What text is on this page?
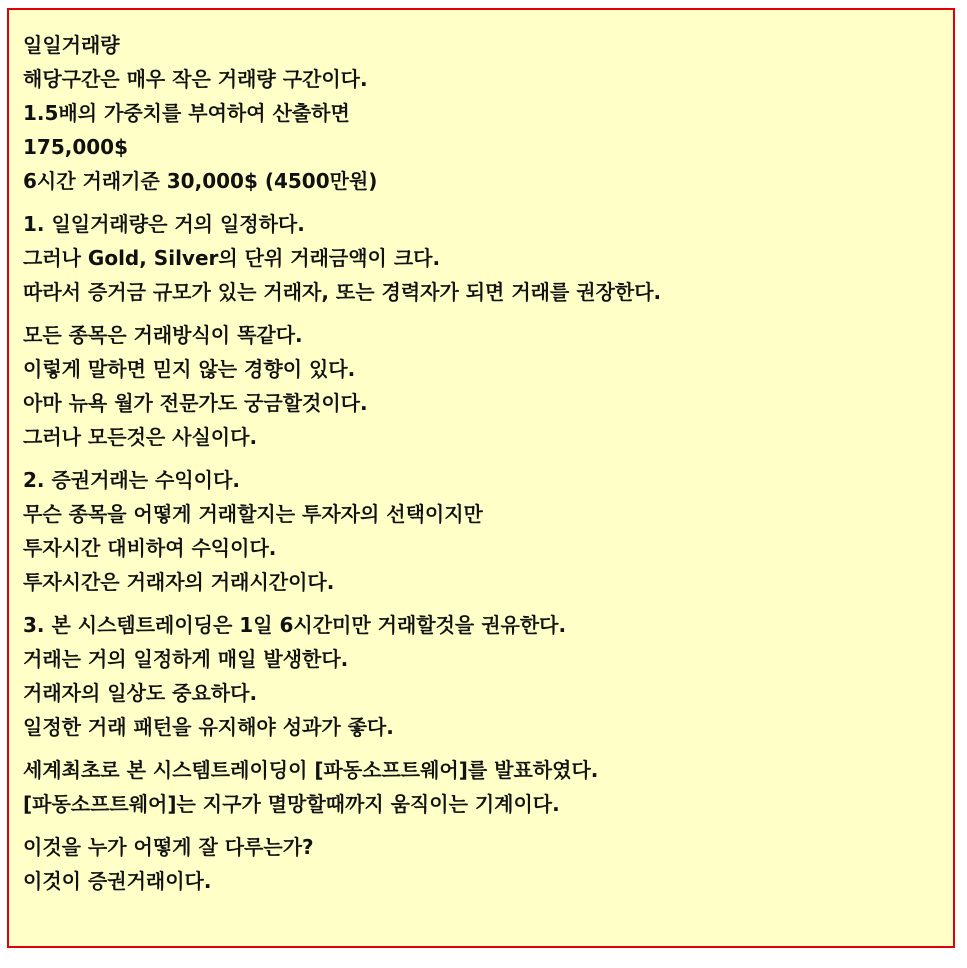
일일거래량
해당구간은 매우 작은 거래량 구간이다.
1.5배의 가중치를 부여하여 산출하면
175,000$
6시간 거래기준 30,000$ (4500만원)
1. 일일거래량은 거의 일정하다.
그러나 Gold, Silver의 단위 거래금액이 크다.
따라서 증거금 규모가 있는 거래자, 또는 경력자가 되면 거래를 권장한다.
모든 종목은 거래방식이 똑같다.
이렇게 말하면 믿지 않는 경향이 있다.
아마 뉴욕 월가 전문가도 궁금할것이다.
그러나 모든것은 사실이다.
2. 증권거래는 수익이다.
무슨 종목을 어떻게 거래할지는 투자자의 선택이지만
투자시간 대비하여 수익이다.
투자시간은 거래자의 거래시간이다.
3. 본 시스템트레이딩은 1일 6시간미만 거래할것을 권유한다.
거래는 거의 일정하게 매일 발생한다.
거래자의 일상도 중요하다.
일정한 거래 패턴을 유지해야 성과가 좋다.
세계최초로 본 시스템트레이딩이 [파동소프트웨어]를 발표하였다.
[파동소프트웨어]는 지구가 멸망할때까지 움직이는 기계이다.
이것을 누가 어떻게 잘 다루는가?
이것이 증권거래이다.
